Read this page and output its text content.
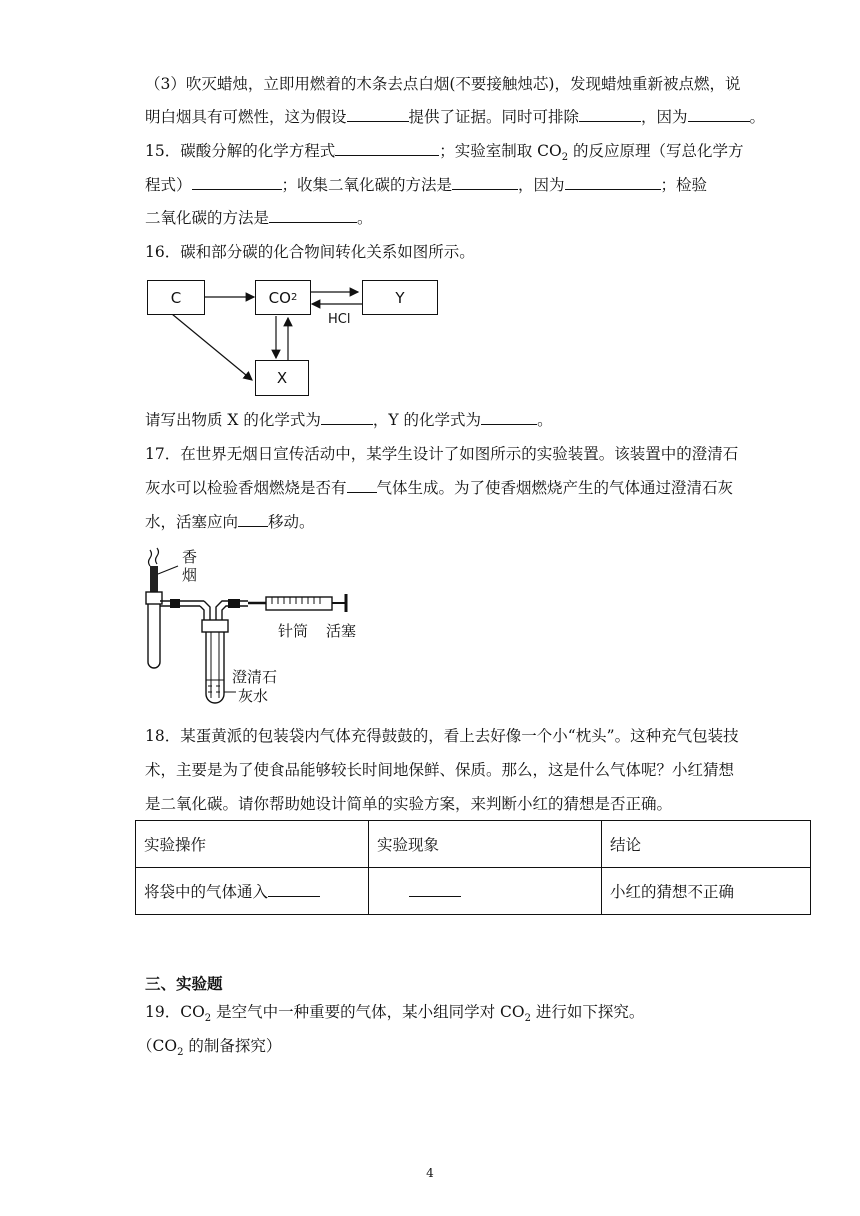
（3）吹灭蜡烛，立即用燃着的木条去点白烟(不要接触烛芯)，发现蜡烛重新被点燃，说
明白烟具有可燃性，这为假设	提供了证据。同时可排除	，因为	。
15．碳酸分解的化学方程式	；实验室制取 $CO_2$ 的反应原理（写总化学方
程式）	；收集二氧化碳的方法是	，因为	；检验
二氧化碳的方法是	。
16．碳和部分碳的化合物间转化关系如图所示。
C	CO 2	Y
X
HCl
请写出物质 X 的化学式为	，Y 的化学式为	。
17．在世界无烟日宣传活动中，某学生设计了如图所示的实验装置。该装置中的澄清石
灰水可以检验香烟燃烧是否有 气体生成。为了使香烟燃烧产生的气体通过澄清石灰
水，活塞应向 移动。
香
烟
针筒 活塞
澄清石
灰水
18．某蛋黄派的包装袋内气体充得鼓鼓的，看上去好像一个小“枕头”。这种充气包装技
术，主要是为了使食品能够较长时间地保鲜、保质。那么，这是什么气体呢？小红猜想
是二氧化碳。请你帮助她设计简单的实验方案，来判断小红的猜想是否正确。
实验操作	实验现象	结论
将袋中的气体通入		小红的猜想不正确
三、实验题
19．$CO_2$ 是空气中一种重要的气体，某小组同学对 $CO_2$ 进行如下探究。
（$CO_2$ 的制备探究）
4
